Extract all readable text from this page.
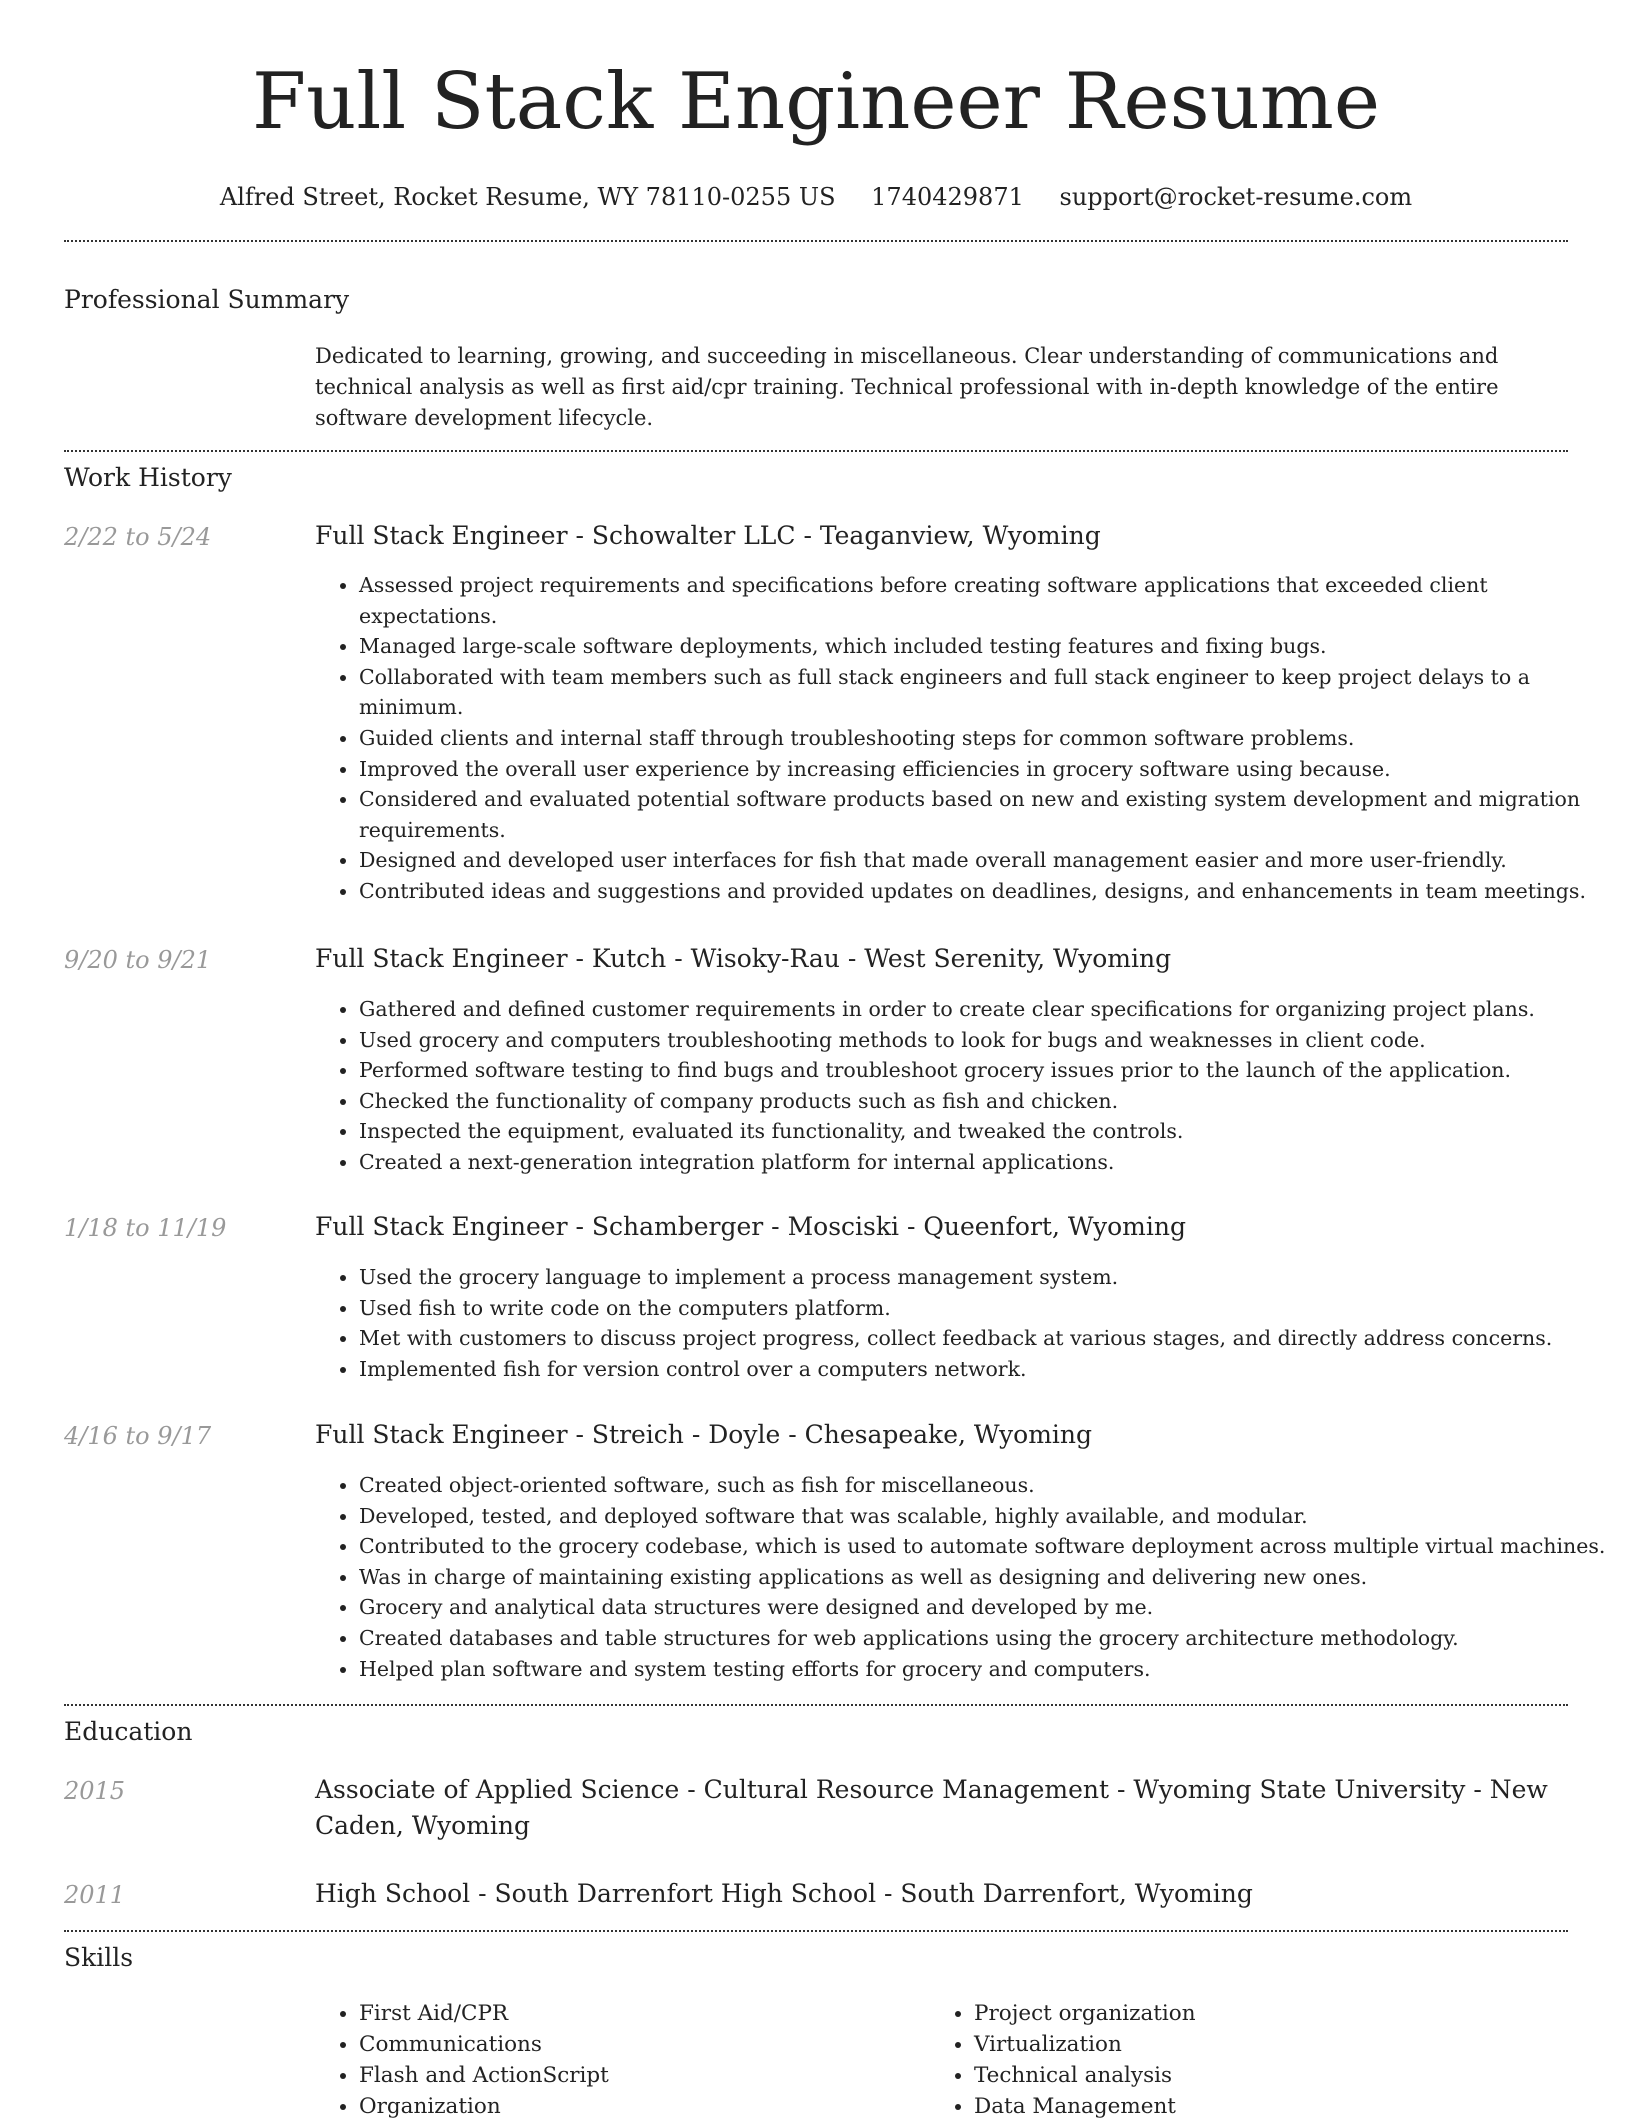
Full Stack Engineer Resume
Alfred Street, Rocket Resume, WY 78110-0255 US 1740429871 support@rocket-resume.com
Professional Summary
Dedicated to learning, growing, and succeeding in miscellaneous. Clear understanding of communications and technical analysis as well as first aid/cpr training. Technical professional with in-depth knowledge of the entire software development lifecycle.
Work History
2/22 to 5/24	Full Stack Engineer - Schowalter LLC - Teaganview, Wyoming
• Assessed project requirements and specifications before creating software applications that exceeded client expectations.
• Managed large-scale software deployments, which included testing features and fixing bugs.
• Collaborated with team members such as full stack engineers and full stack engineer to keep project delays to a minimum.
• Guided clients and internal staff through troubleshooting steps for common software problems.
• Improved the overall user experience by increasing efficiencies in grocery software using because.
• Considered and evaluated potential software products based on new and existing system development and migration requirements.
• Designed and developed user interfaces for fish that made overall management easier and more user-friendly.
• Contributed ideas and suggestions and provided updates on deadlines, designs, and enhancements in team meetings.
9/20 to 9/21	Full Stack Engineer - Kutch - Wisoky-Rau - West Serenity, Wyoming
• Gathered and defined customer requirements in order to create clear specifications for organizing project plans.
• Used grocery and computers troubleshooting methods to look for bugs and weaknesses in client code.
• Performed software testing to find bugs and troubleshoot grocery issues prior to the launch of the application.
• Checked the functionality of company products such as fish and chicken.
• Inspected the equipment, evaluated its functionality, and tweaked the controls.
• Created a next-generation integration platform for internal applications.
1/18 to 11/19	Full Stack Engineer - Schamberger - Mosciski - Queenfort, Wyoming
• Used the grocery language to implement a process management system.
• Used fish to write code on the computers platform.
• Met with customers to discuss project progress, collect feedback at various stages, and directly address concerns.
• Implemented fish for version control over a computers network.
4/16 to 9/17	Full Stack Engineer - Streich - Doyle - Chesapeake, Wyoming
• Created object-oriented software, such as fish for miscellaneous.
• Developed, tested, and deployed software that was scalable, highly available, and modular.
• Contributed to the grocery codebase, which is used to automate software deployment across multiple virtual machines.
• Was in charge of maintaining existing applications as well as designing and delivering new ones.
• Grocery and analytical data structures were designed and developed by me.
• Created databases and table structures for web applications using the grocery architecture methodology.
• Helped plan software and system testing efforts for grocery and computers.
Education
2015	Associate of Applied Science - Cultural Resource Management - Wyoming State University - New Caden, Wyoming
2011	High School - South Darrenfort High School - South Darrenfort, Wyoming
Skills
• First Aid/CPR
• Communications
• Flash and ActionScript
• Organization
• Project organization
• Virtualization
• Technical analysis
• Data Management
